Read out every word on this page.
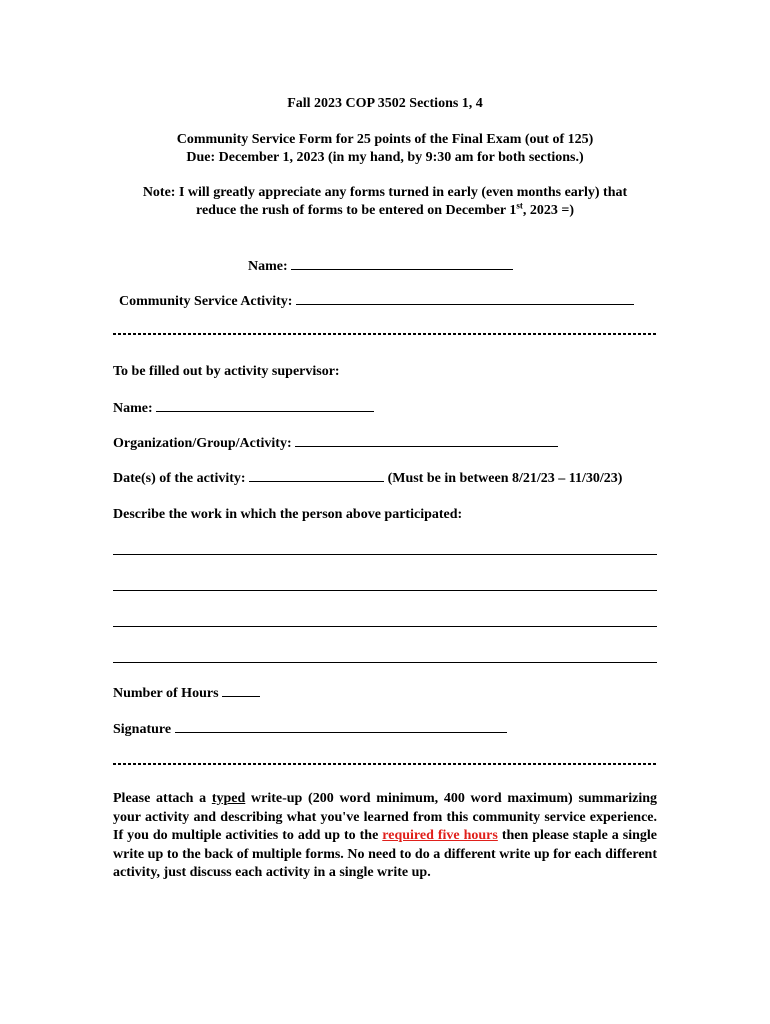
Fall 2023 COP 3502 Sections 1, 4
Community Service Form for 25 points of the Final Exam (out of 125)
Due: December 1, 2023 (in my hand, by 9:30 am for both sections.)
Note: I will greatly appreciate any forms turned in early (even months early) that
reduce the rush of forms to be entered on December 1st, 2023 =)
Name:
Community Service Activity:
To be filled out by activity supervisor:
Name:
Organization/Group/Activity:
Date(s) of the activity:	(Must be in between 8/21/23 – 11/30/23)
Describe the work in which the person above participated:
Number of Hours
Signature
Please attach a typed write-up (200 word minimum, 400 word maximum) summarizing your activity and describing what you've learned from this community service experience. If you do multiple activities to add up to the required five hours then please staple a single write up to the back of multiple forms. No need to do a different write up for each different activity, just discuss each activity in a single write up.
